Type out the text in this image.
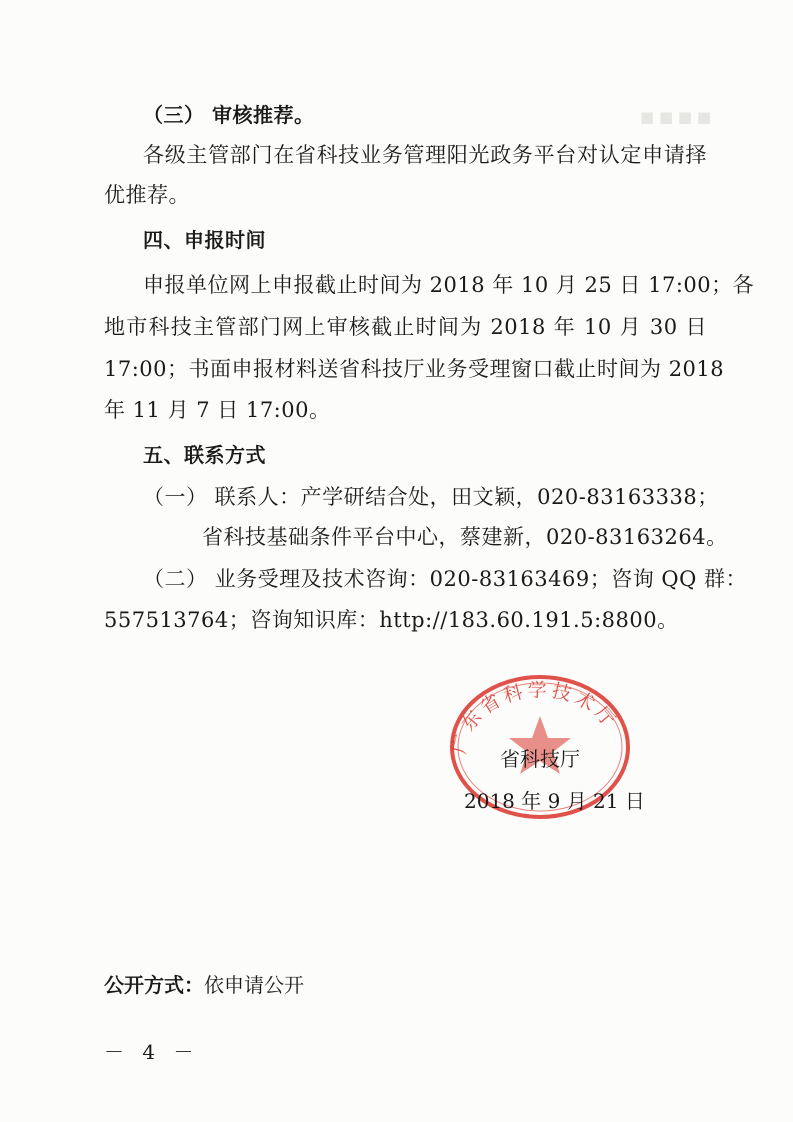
■ ■ ■ ■

（三） 审核推荐。

各级主管部门在省科技业务管理阳光政务平台对认定申请择

优推荐。

四、申报时间

申报单位网上申报截止时间为 2018 年 10 月 25 日 17:00；各

地市科技主管部门网上审核截止时间为 2018 年 10 月 30 日

17:00；书面申报材料送省科技厅业务受理窗口截止时间为 2018

年 11 月 7 日 17:00。

五、联系方式

（一） 联系人：产学研结合处，田文颖，020-83163338；

省科技基础条件平台中心，蔡建新，020-83163264。

（二） 业务受理及技术咨询：020-83163469；咨询 QQ 群：

557513764；咨询知识库：http://183.60.191.5:8800。

广东省科学技术厅

省科技厅

2018 年 9 月 21 日

公开方式：依申请公开

－ 4 －
